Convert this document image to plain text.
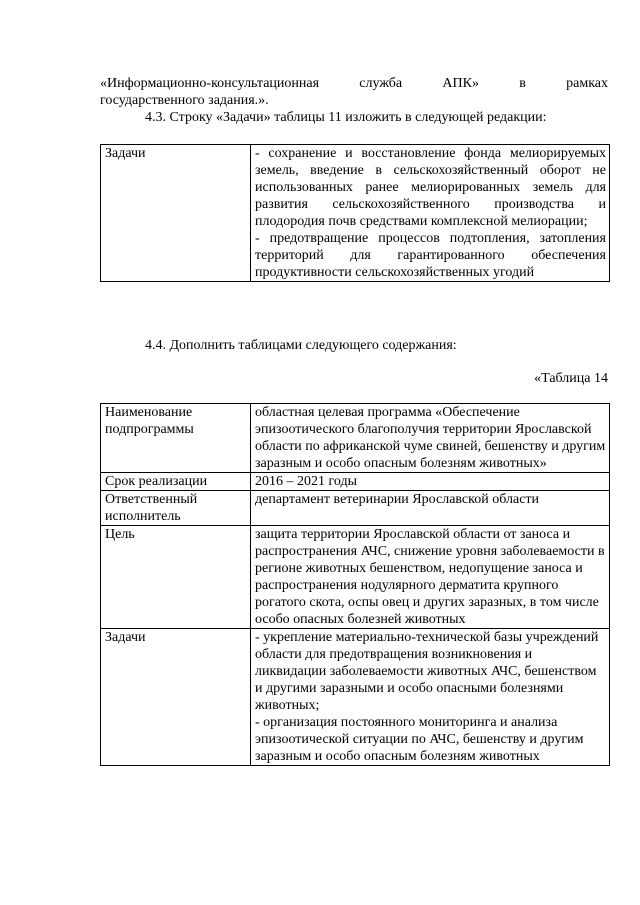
«Информационно-консультационная служба АПК» в рамках
государственного задания.».
4.3. Строку «Задачи» таблицы 11 изложить в следующей редакции:
Задачи	- сохранение и восстановление фонда мелиорируемых земель, введение в сельскохозяйственный оборот не использованных ранее мелиорированных земель для развития сельскохозяйственного производства и плодородия почв средствами комплексной мелиорации;
- предотвращение процессов подтопления, затопления территорий для гарантированного обеспечения продуктивности сельскохозяйственных угодий
4.4. Дополнить таблицами следующего содержания:
«Таблица 14
Наименование подпрограммы	областная целевая программа «Обеспечение эпизоотического благополучия территории Ярославской области по африканской чуме свиней, бешенству и другим заразным и особо опасным болезням животных»
Срок реализации	2016 – 2021 годы
Ответственный исполнитель	департамент ветеринарии Ярославской области
Цель	защита территории Ярославской области от заноса и распространения АЧС, снижение уровня заболеваемости в регионе животных бешенством, недопущение заноса и распространения нодулярного дерматита крупного рогатого скота, оспы овец и других заразных, в том числе особо опасных болезней животных
Задачи	- укрепление материально-технической базы учреждений области для предотвращения возникновения и ликвидации заболеваемости животных АЧС, бешенством и другими заразными и особо опасными болезнями животных;
- организация постоянного мониторинга и анализа эпизоотической ситуации по АЧС, бешенству и другим заразным и особо опасным болезням животных
